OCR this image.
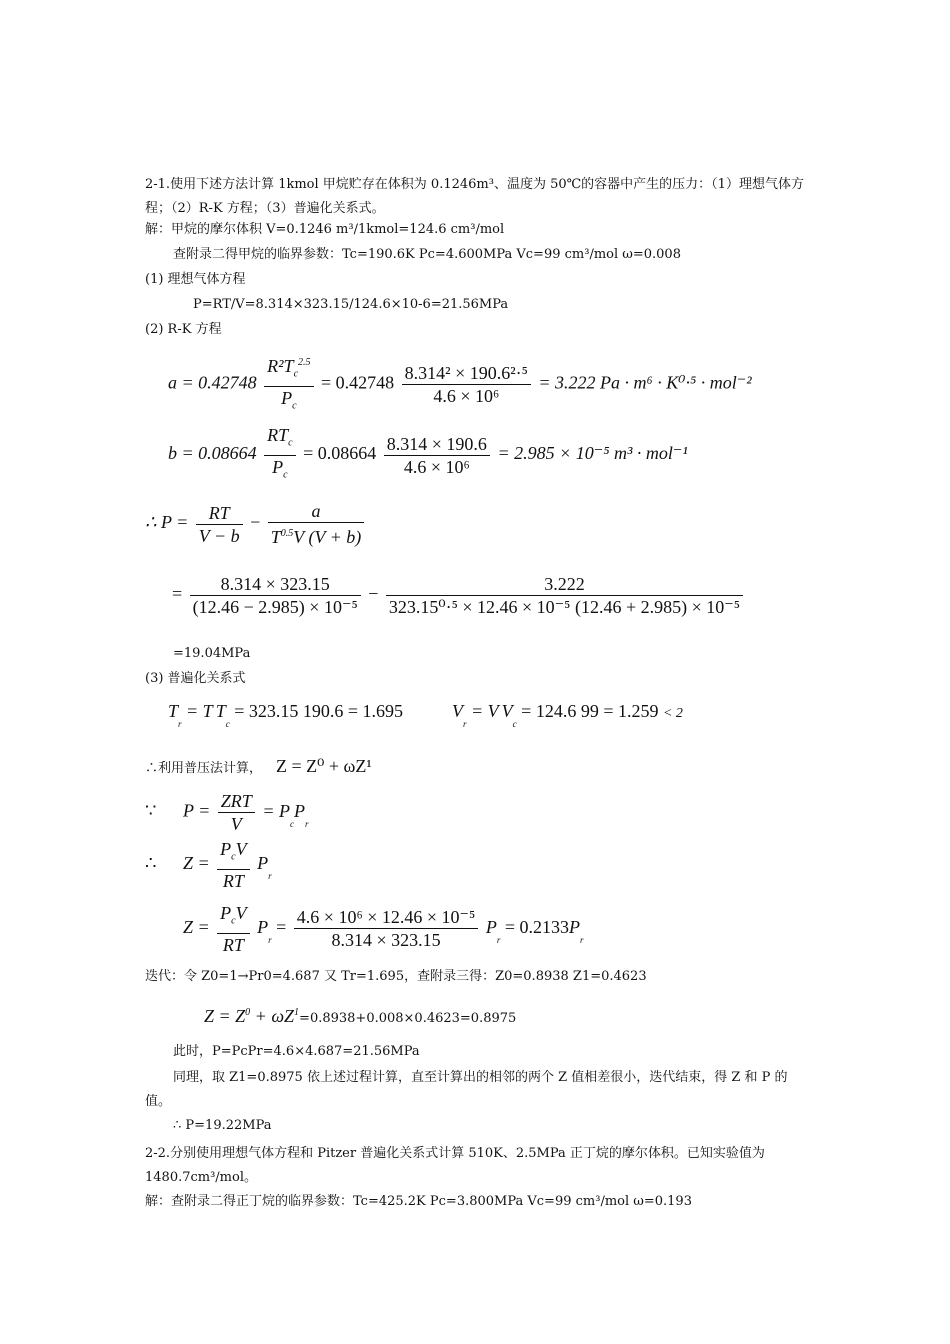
2-1.使用下述方法计算 1kmol 甲烷贮存在体积为 0.1246m³、温度为 50℃的容器中产生的压力：（1）理想气体方程；（2）R-K 方程；（3）普遍化关系式。
解：甲烷的摩尔体积 V=0.1246 m³/1kmol=124.6 cm³/mol
查附录二得甲烷的临界参数：Tc=190.6K Pc=4.600MPa Vc=99 cm³/mol ω=0.008
(1) 理想气体方程
P=RT/V=8.314×323.15/124.6×10-6=21.56MPa
(2) R-K 方程
$a = 0.42748 \frac{R^2T_c^{2.5}}{P_c} = 0.42748 \frac{\text{8.314² × 190.6²·⁵}}{\text{4.6 × 10⁶}} = 3.222$ Pa · m⁶ · K⁰·⁵ · mol⁻²
$b = 0.08664 \frac{RT_c}{P_c} = 0.08664 \frac{8.314 \times 190.6}{\text{4.6 × 10⁶}} = 2.985 \times 10^{-5}$ m³ · mol⁻¹
∴ $P = \frac{RT}{V - b} - \frac{a}{T^{0.5}V (V + b)}$
= $\frac{8.314 \times 323.15}{\text{(12.46 − 2.985) × 10⁻⁵}} - \frac{3.222}{\text{323.15⁰·⁵ × 12.46 × 10⁻⁵ (12.46 + 2.985) × 10⁻⁵}}$
=19.04MPa
(3) 普遍化关系式
$T_r = T$ $T_c = 323.15$ 190.6 = 1.695	$V_r = V$ $V_c = 124.6$ 99 = 1.259 < 2
∴利用普压法计算， Z = Z⁰ + ωZ¹
∵ $P = \frac{\text{ZRT}}{V} = P_cP_r$
∴ $Z = \frac{P_cV}{RT} P_r$
$Z = \frac{P_cV}{RT} P_r = \frac{\text{4.6 × 10⁶ × 12.46 × 10⁻⁵}}{8.314 \times 323.15} P_r = 0.2133P_r$
迭代：令 Z0=1→Pr0=4.687 又 Tr=1.695，查附录三得：Z0=0.8938 Z1=0.4623
$Z = Z^0 + \omega Z^1=0.8938+0.008\times 0.4623=0.8975$
此时，P=PcPr=4.6×4.687=21.56MPa
同理，取 Z1=0.8975 依上述过程计算，直至计算出的相邻的两个 Z 值相差很小，迭代结束，得 Z 和 P 的值。
∴ P=19.22MPa
2-2.分别使用理想气体方程和 Pitzer 普遍化关系式计算 510K、2.5MPa 正丁烷的摩尔体积。已知实验值为 1480.7cm³/mol。
解：查附录二得正丁烷的临界参数：Tc=425.2K Pc=3.800MPa Vc=99 cm³/mol ω=0.193
